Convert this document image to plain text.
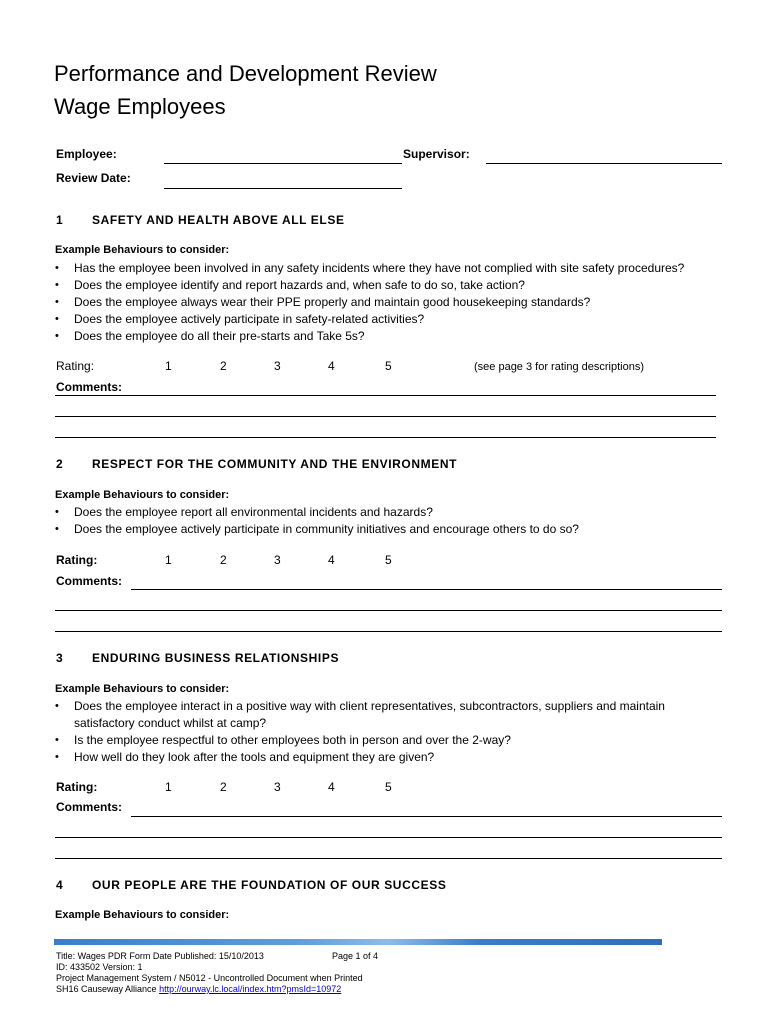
Performance and Development Review
Wage Employees
Employee:	Supervisor:
Review Date:
1 SAFETY AND HEALTH ABOVE ALL ELSE
Example Behaviours to consider:
• Has the employee been involved in any safety incidents where they have not complied with site safety procedures?
• Does the employee identify and report hazards and, when safe to do so, take action?
• Does the employee always wear their PPE properly and maintain good housekeeping standards?
• Does the employee actively participate in safety-related activities?
• Does the employee do all their pre-starts and Take 5s?
Rating:	1	2	3	4	5	(see page 3 for rating descriptions)
Comments:
2 RESPECT FOR THE COMMUNITY AND THE ENVIRONMENT
Example Behaviours to consider:
• Does the employee report all environmental incidents and hazards?
• Does the employee actively participate in community initiatives and encourage others to do so?
Rating:	1	2	3	4	5
Comments:
3 ENDURING BUSINESS RELATIONSHIPS
Example Behaviours to consider:
• Does the employee interact in a positive way with client representatives, subcontractors, suppliers and maintain satisfactory conduct whilst at camp?
• Is the employee respectful to other employees both in person and over the 2-way?
• How well do they look after the tools and equipment they are given?
Rating:	1	2	3	4	5
Comments:
4 OUR PEOPLE ARE THE FOUNDATION OF OUR SUCCESS
Example Behaviours to consider:
Title: Wages PDR Form Date Published: 15/10/2013	Page 1 of 4
ID: 433502 Version: 1
Project Management System / N5012 - Uncontrolled Document when Printed
SH16 Causeway Alliance http://ourway.lc.local/index.htm?pmsId=10972
